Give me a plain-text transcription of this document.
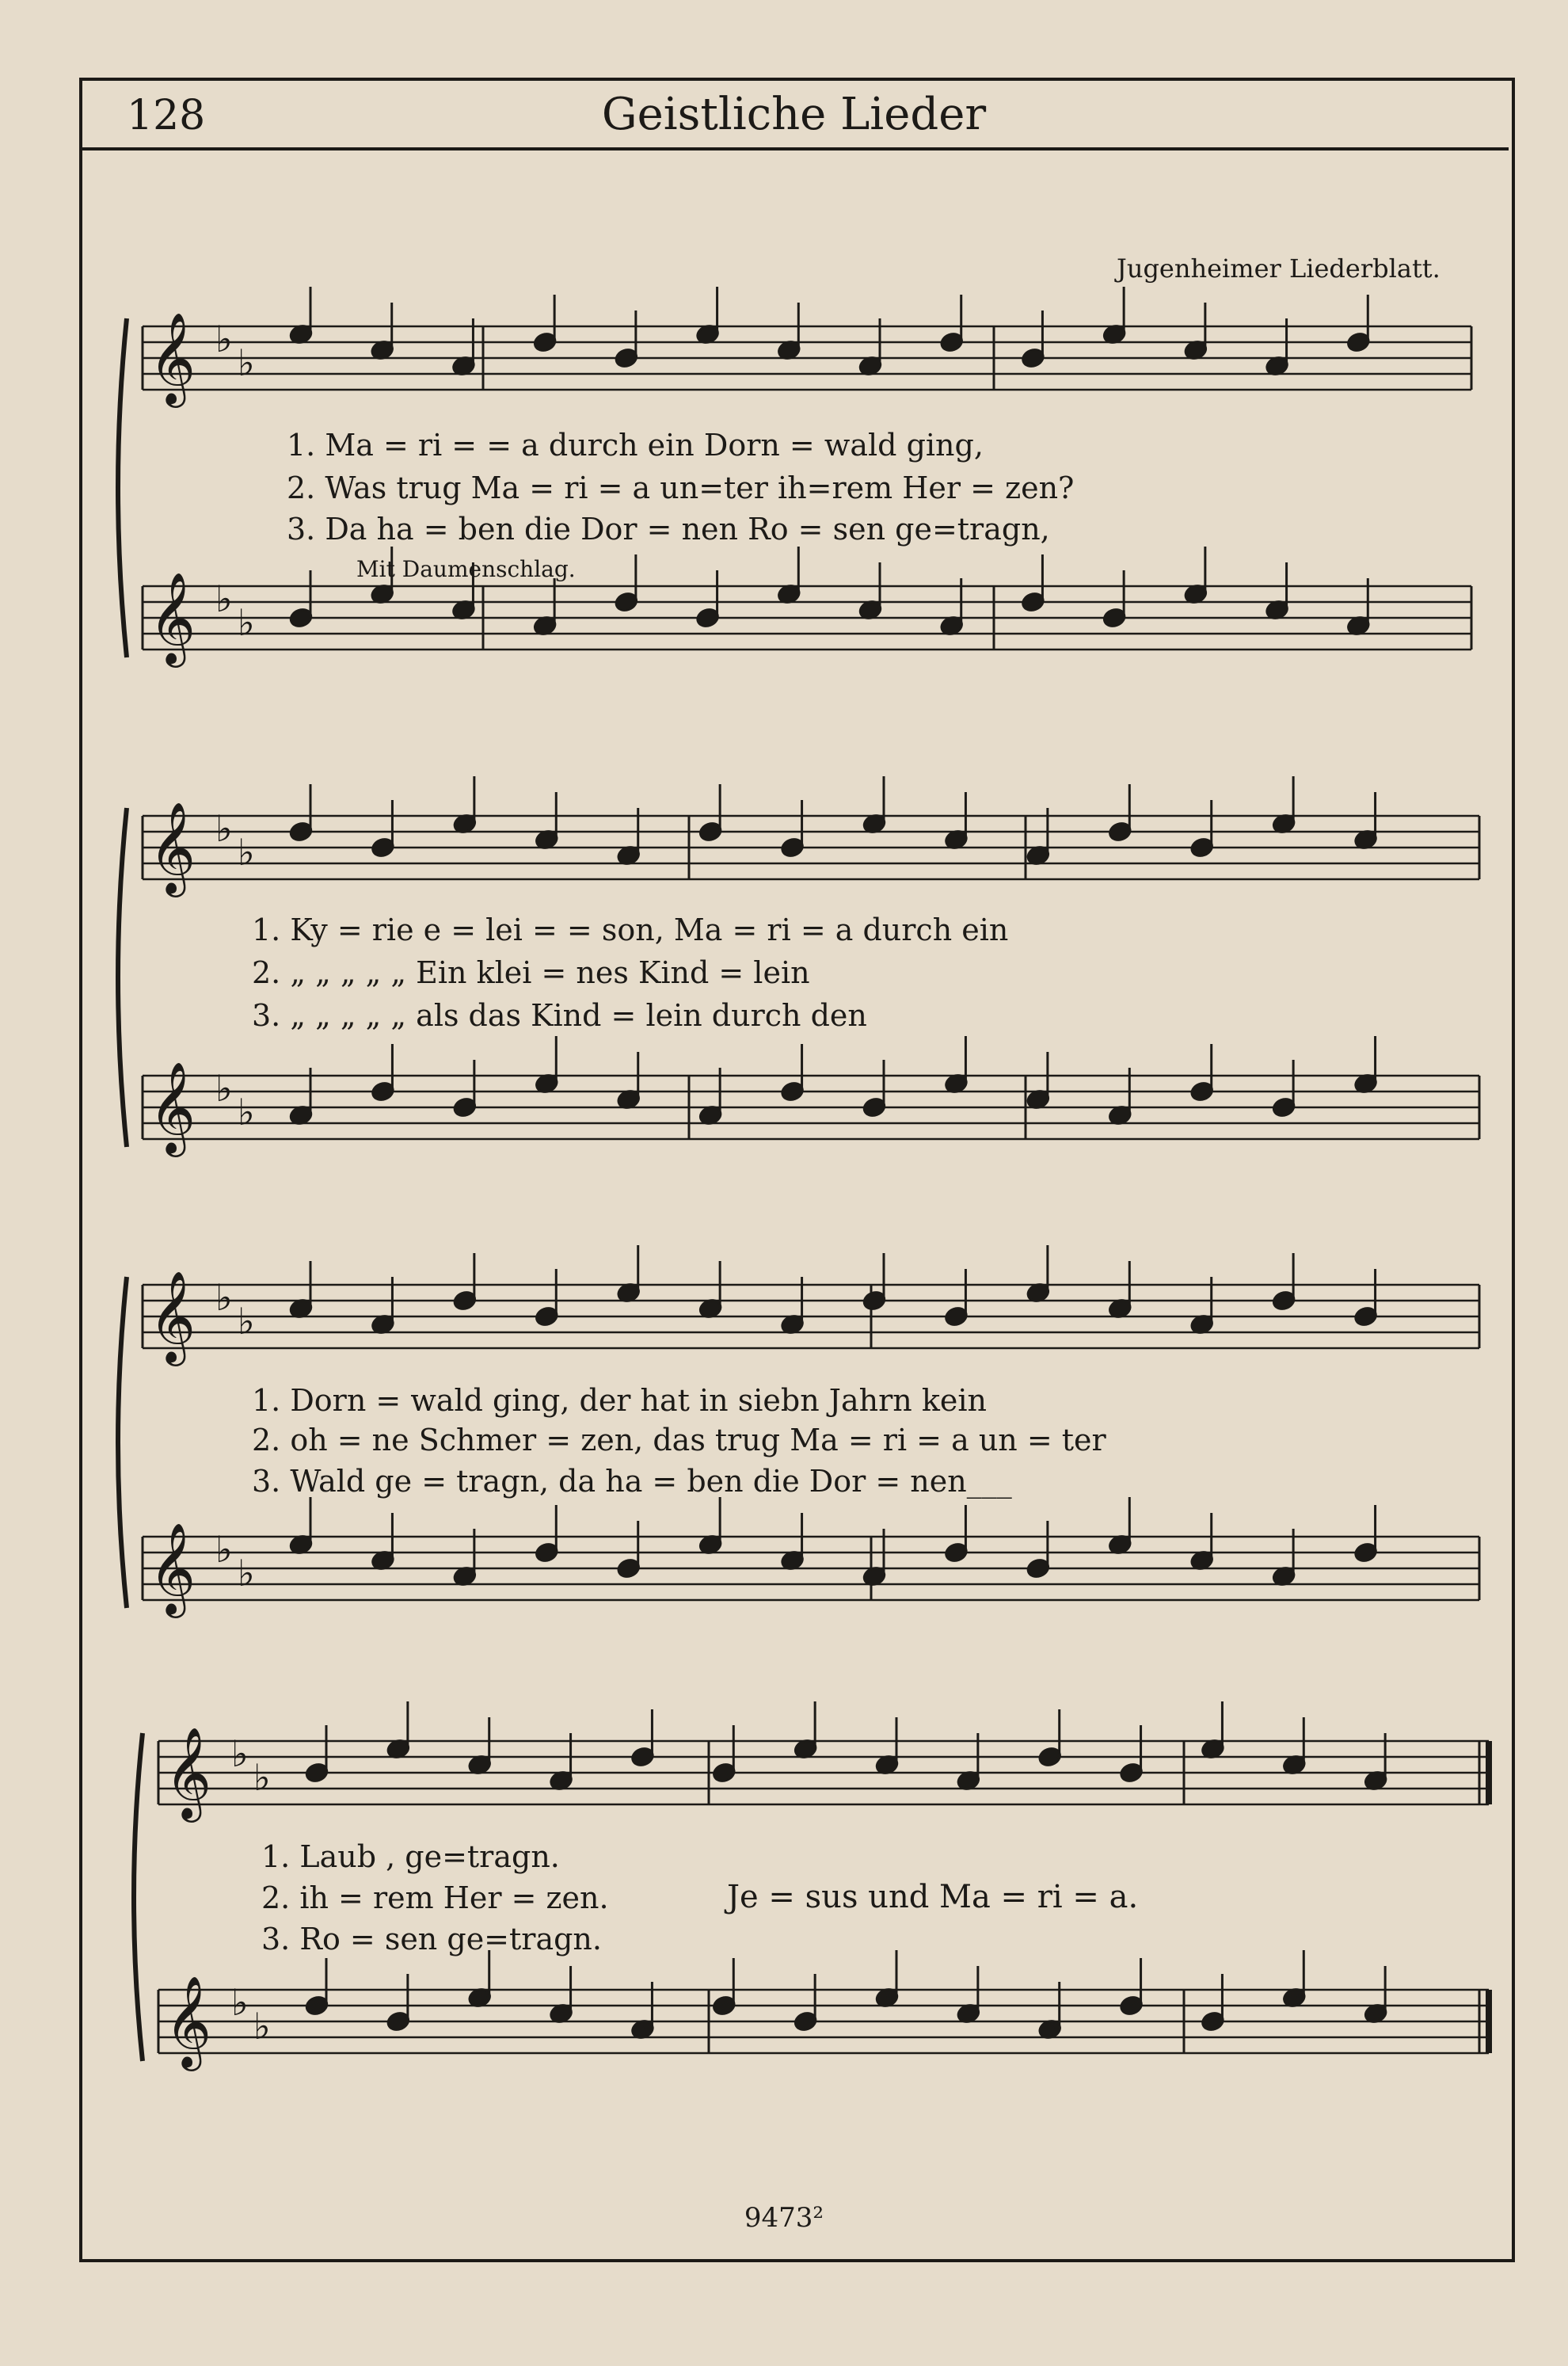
128	Geistliche Lieder
Jugenheimer Liederblatt.
𝄞 ♭
♭
𝄞 ♭
♭
𝄞 ♭
♭
𝄞 ♭
♭
𝄞 ♭
♭
𝄞 ♭
♭
𝄞 ♭
♭
𝄞 ♭
♭
Mit Daumenschlag.
1. Ma = ri = = a durch ein Dorn = wald ging,
2. Was trug Ma = ri = a un=ter ih=rem Her = zen?
3. Da ha = ben die Dor = nen Ro = sen ge=tragn,
1. Ky = rie e = lei = = son, Ma = ri = a durch ein
2. „ „ „ „ „ Ein klei = nes Kind = lein
3. „ „ „ „ „ als das Kind = lein durch den
1. Dorn = wald ging, der hat in siebn Jahrn kein
2. oh = ne Schmer = zen, das trug Ma = ri = a un = ter
3. Wald ge = tragn, da ha = ben die Dor = nen___
1. Laub , ge=tragn.
2. ih = rem Her = zen.
3. Ro = sen ge=tragn.
Je = sus und Ma = ri = a.
9473²
